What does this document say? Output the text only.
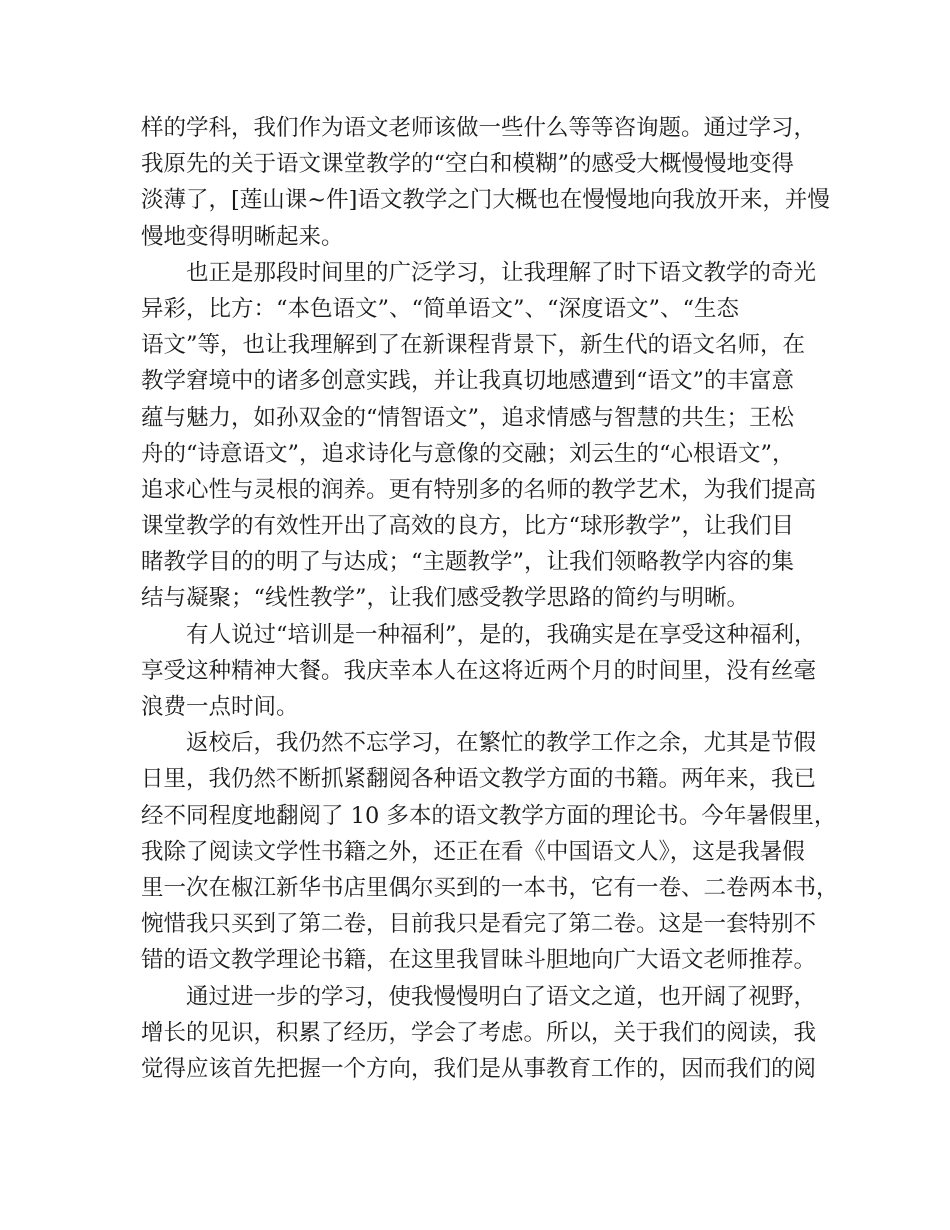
样的学科，我们作为语文老师该做一些什么等等咨询题。通过学习，
我原先的关于语文课堂教学的“空白和模糊”的感受大概慢慢地变得
淡薄了，[莲山课~件]语文教学之门大概也在慢慢地向我放开来，并慢
慢地变得明晰起来。
也正是那段时间里的广泛学习，让我理解了时下语文教学的奇光
异彩，比方：“本色语文”、“简单语文”、“深度语文”、“生态
语文”等，也让我理解到了在新课程背景下，新生代的语文名师，在
教学窘境中的诸多创意实践，并让我真切地感遭到“语文”的丰富意
蕴与魅力，如孙双金的“情智语文”，追求情感与智慧的共生；王松
舟的“诗意语文”，追求诗化与意像的交融；刘云生的“心根语文”，
追求心性与灵根的润养。更有特别多的名师的教学艺术，为我们提高
课堂教学的有效性开出了高效的良方，比方“球形教学”，让我们目
睹教学目的的明了与达成；“主题教学”，让我们领略教学内容的集
结与凝聚；“线性教学”，让我们感受教学思路的简约与明晰。
有人说过“培训是一种福利”，是的，我确实是在享受这种福利，
享受这种精神大餐。我庆幸本人在这将近两个月的时间里，没有丝毫
浪费一点时间。
返校后，我仍然不忘学习，在繁忙的教学工作之余，尤其是节假
日里，我仍然不断抓紧翻阅各种语文教学方面的书籍。两年来，我已
经不同程度地翻阅了 10 多本的语文教学方面的理论书。今年暑假里，
我除了阅读文学性书籍之外，还正在看《中国语文人》，这是我暑假
里一次在椒江新华书店里偶尔买到的一本书，它有一卷、二卷两本书，
惋惜我只买到了第二卷，目前我只是看完了第二卷。这是一套特别不
错的语文教学理论书籍，在这里我冒昧斗胆地向广大语文老师推荐。
通过进一步的学习，使我慢慢明白了语文之道，也开阔了视野，
增长的见识，积累了经历，学会了考虑。所以，关于我们的阅读，我
觉得应该首先把握一个方向，我们是从事教育工作的，因而我们的阅
